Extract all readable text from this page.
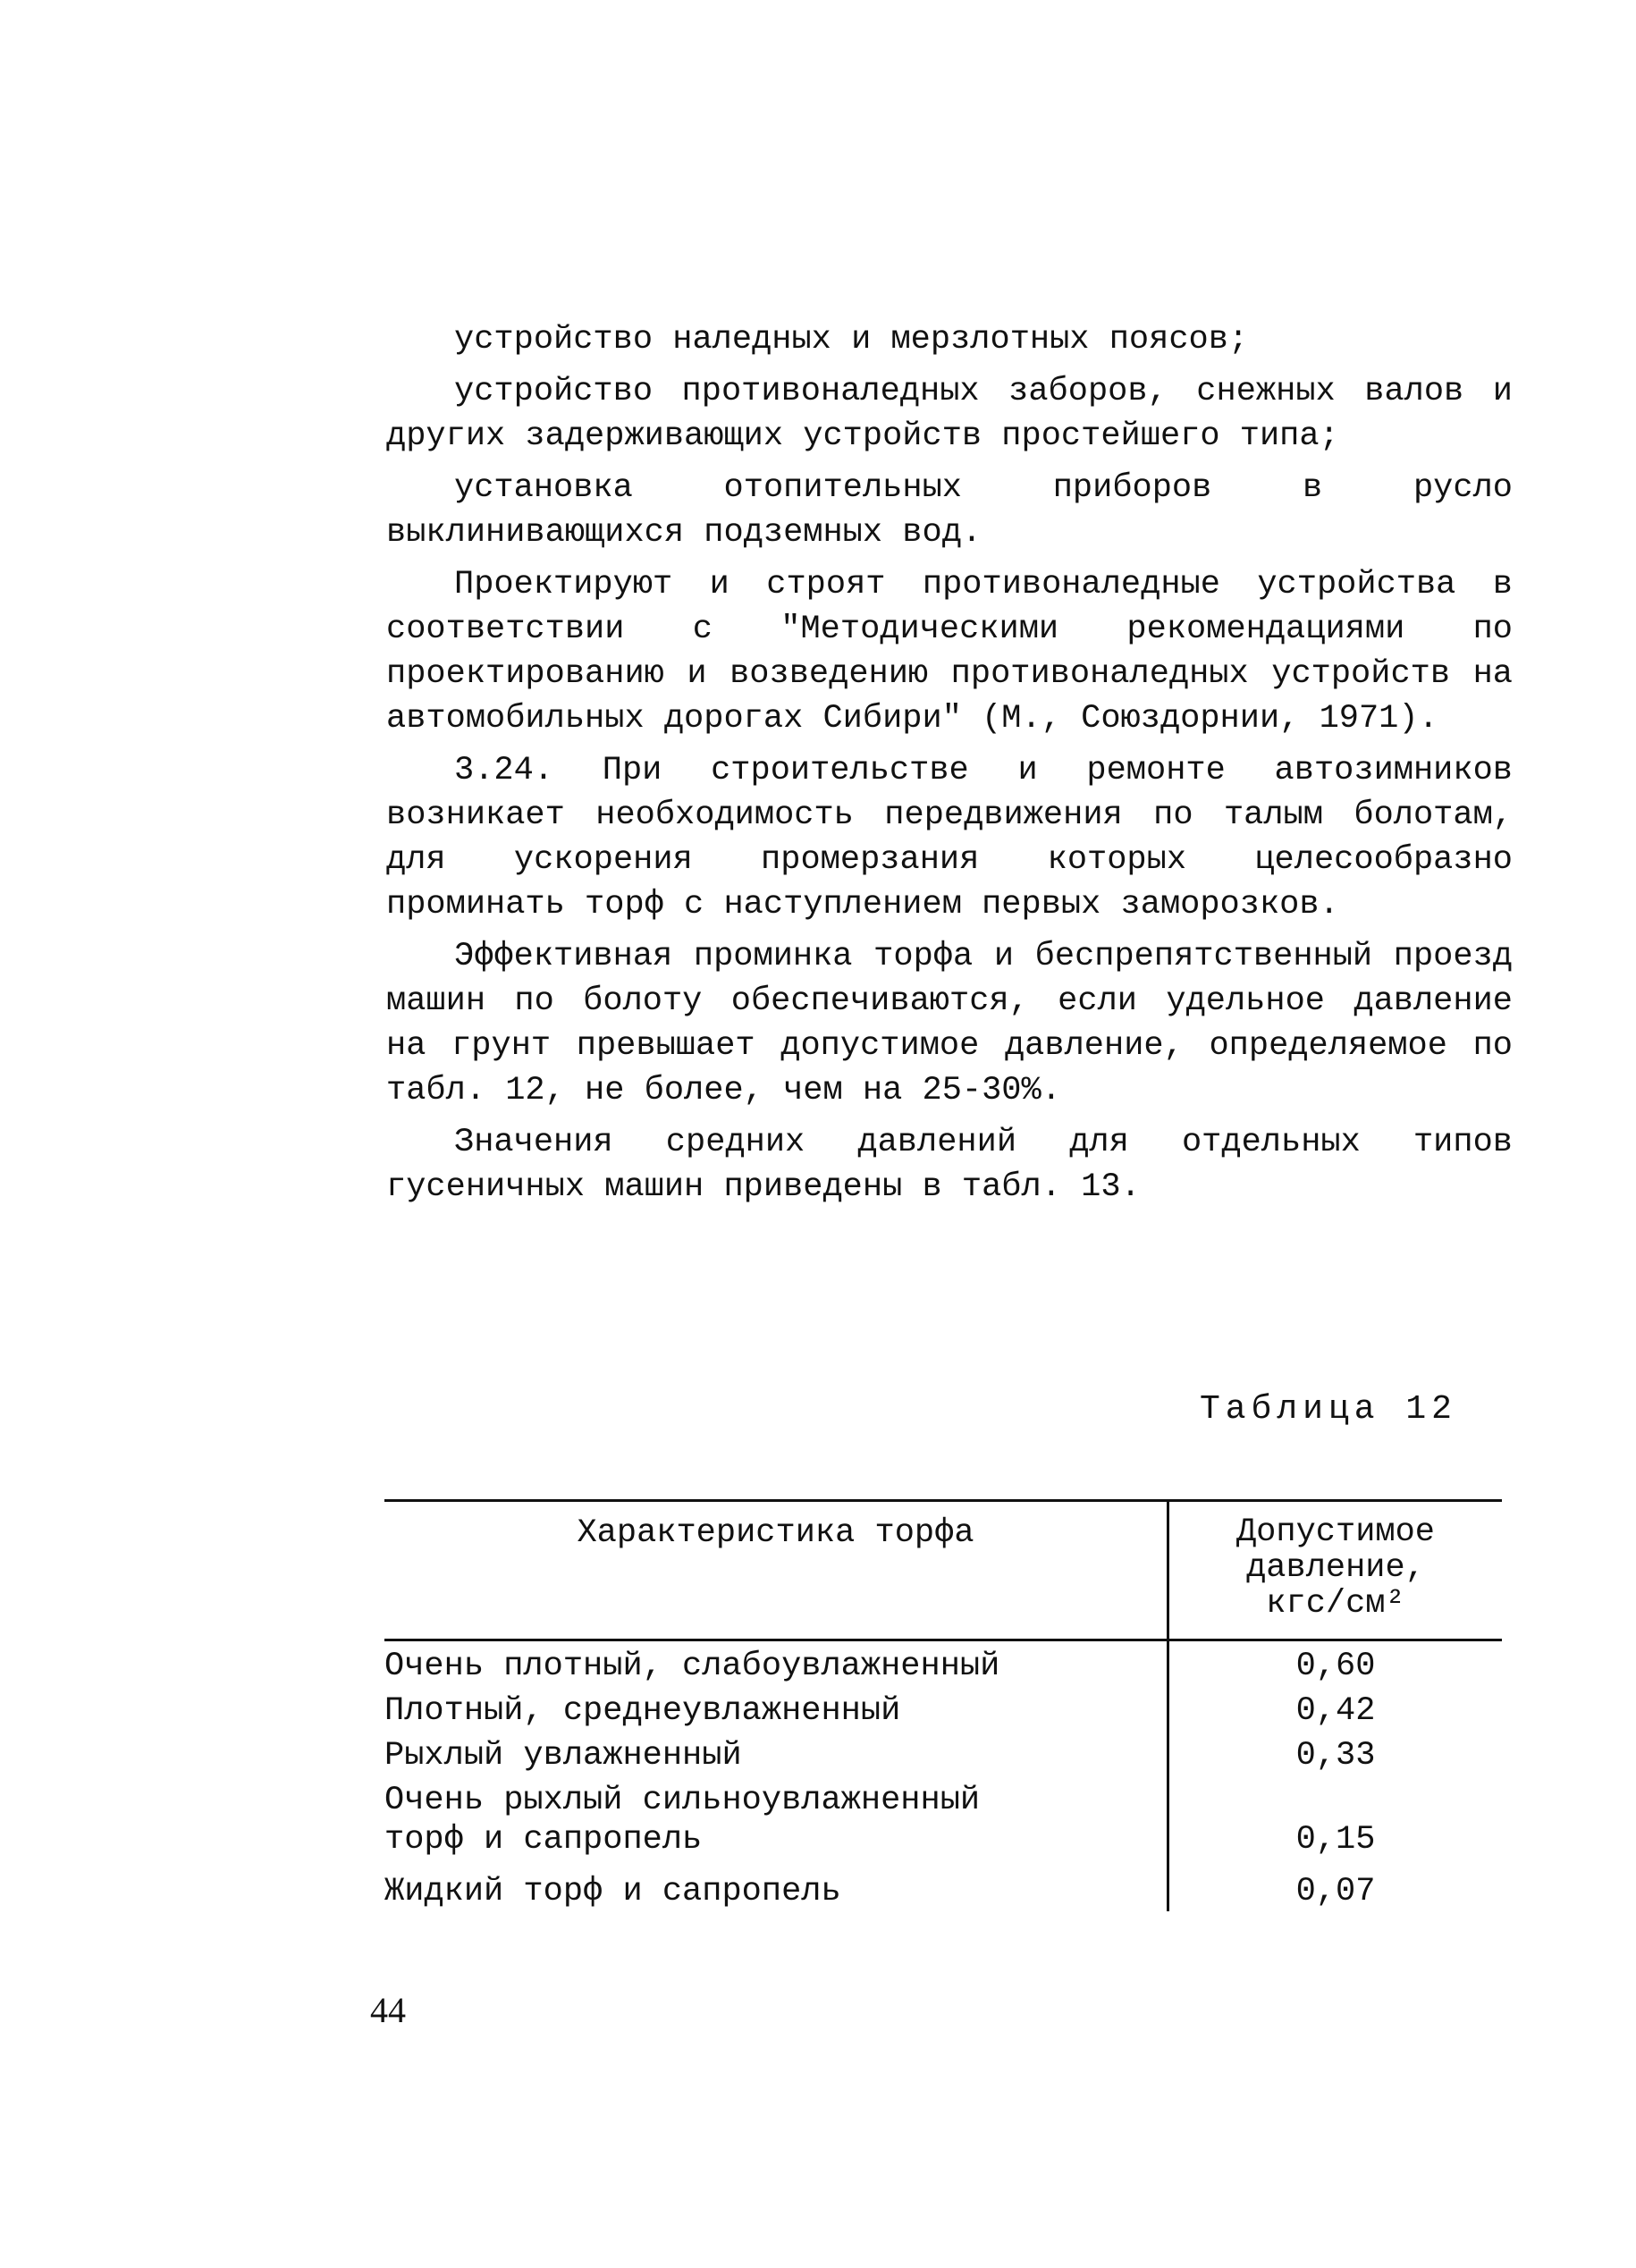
устройство наледных и мерзлотных поясов;

устройство противоналедных заборов, снежных валов и других задерживающих устройств простейшего типа;

установка отопительных приборов в русло выклинивающихся подземных вод.

Проектируют и строят противоналедные устройства в соответствии с "Методическими рекомендациями по проектированию и возведению противоналедных устройств на автомобильных дорогах Сибири" (М., Союздорнии, 1971).

3.24. При строительстве и ремонте автозимников возникает необходимость передвижения по талым болотам, для ускорения промерзания которых целесообразно проминать торф с наступлением первых заморозков.

Эффективная проминка торфа и беспрепятственный проезд машин по болоту обеспечиваются, если удельное давление на грунт превышает допустимое давление, определяемое по табл. 12, не более, чем на 25-30%.

Значения средних давлений для отдельных типов гусеничных машин приведены в табл. 13.

Таблица 12
Характеристика торфа	Допустимое
давление,
кгс/см²
Очень плотный, слабоувлажненный	0,60
Плотный, среднеувлажненный	0,42
Рыхлый увлажненный	0,33
Очень рыхлый сильноувлажненный торф и сапропель	0,15
Жидкий торф и сапропель	0,07
44
